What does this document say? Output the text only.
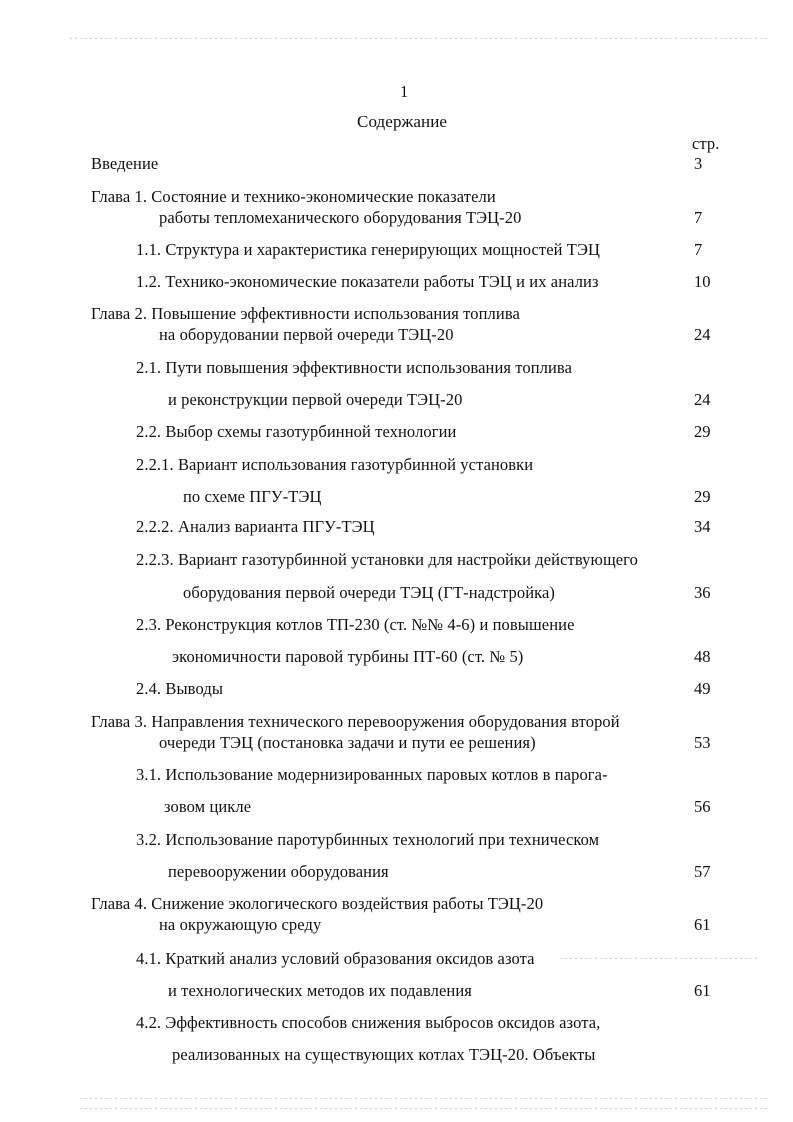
1
Содержание
стр.
Введение	3
Глава 1. Состояние и технико-экономические показатели
работы тепломеханического оборудования ТЭЦ-20	7
1.1. Структура и характеристика генерирующих мощностей ТЭЦ	7
1.2. Технико-экономические показатели работы ТЭЦ и их анализ	10
Глава 2. Повышение эффективности использования топлива
на оборудовании первой очереди ТЭЦ-20	24
2.1. Пути повышения эффективности использования топлива
и реконструкции первой очереди ТЭЦ-20	24
2.2. Выбор схемы газотурбинной технологии	29
2.2.1. Вариант использования газотурбинной установки
по схеме ПГУ-ТЭЦ	29
2.2.2. Анализ варианта ПГУ-ТЭЦ	34
2.2.3. Вариант газотурбинной установки для настройки действующего
оборудования первой очереди ТЭЦ (ГТ-надстройка)	36
2.3. Реконструкция котлов ТП-230 (ст. №№ 4-6) и повышение
экономичности паровой турбины ПТ-60 (ст. № 5)	48
2.4. Выводы	49
Глава 3. Направления технического перевооружения оборудования второй
очереди ТЭЦ (постановка задачи и пути ее решения)	53
3.1. Использование модернизированных паровых котлов в парога-
зовом цикле	56
3.2. Использование паротурбинных технологий при техническом
перевооружении оборудования	57
Глава 4. Снижение экологического воздействия работы ТЭЦ-20
на окружающую среду	61
4.1. Краткий анализ условий образования оксидов азота
и технологических методов их подавления	61
4.2. Эффективность способов снижения выбросов оксидов азота,
реализованных на существующих котлах ТЭЦ-20. Объекты
